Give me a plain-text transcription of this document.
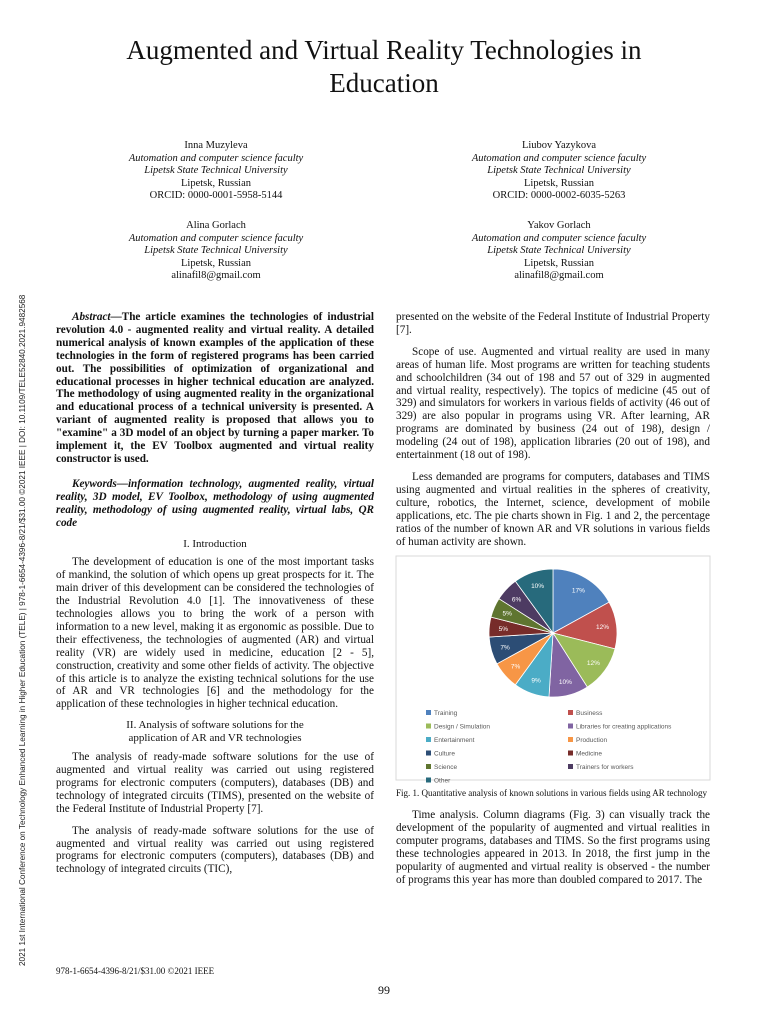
2021 1st International Conference on Technology Enhanced Learning in Higher Education (TELE) | 978-1-6654-4396-8/21/$31.00 ©2021 IEEE | DOI: 10.1109/TELE52840.2021.9482568
Augmented and Virtual Reality Technologies in
Education
Inna Muzyleva
Automation and computer science faculty
Lipetsk State Technical University
Lipetsk, Russian
ORCID: 0000-0001-5958-5144
Liubov Yazykova
Automation and computer science faculty
Lipetsk State Technical University
Lipetsk, Russian
ORCID: 0000-0002-6035-5263
Alina Gorlach
Automation and computer science faculty
Lipetsk State Technical University
Lipetsk, Russian
alinafil8@gmail.com
Yakov Gorlach
Automation and computer science faculty
Lipetsk State Technical University
Lipetsk, Russian
alinafil8@gmail.com

Abstract—The article examines the technologies of industrial revolution 4.0 - augmented reality and virtual reality. A detailed numerical analysis of known examples of the application of these technologies in the form of registered programs has been carried out. The possibilities of optimization of organizational and educational processes in higher technical education are analyzed. The methodology of using augmented reality in the organizational and educational process of a technical university is presented. A variant of augmented reality is proposed that allows you to "examine" a 3D model of an object by turning a paper marker. To implement it, the EV Toolbox augmented and virtual reality constructor is used.

Keywords—information technology, augmented reality, virtual reality, 3D model, EV Toolbox, methodology of using augmented reality, methodology of using augmented reality, virtual labs, QR code

I. Introduction

The development of education is one of the most important tasks of mankind, the solution of which opens up great prospects for it. The main driver of this development can be considered the technologies of the Industrial Revolution 4.0 [1]. The innovativeness of these technologies allows you to bring the work of a person with information to a new level, making it as ergonomic as possible. Due to their effectiveness, the technologies of augmented (AR) and virtual reality (VR) are widely used in medicine, education [2 - 5], construction, creativity and some other fields of activity. The objective of this article is to analyze the existing technical solutions for the use of AR and VR technologies [6] and the methodology for the application of these technologies in higher technical education.

II. Analysis of software solutions for the
application of AR and VR technologies

The analysis of ready-made software solutions for the use of augmented and virtual reality was carried out using registered programs for electronic computers (computers), databases (DB) and technology of integrated circuits (TIMS), presented on the website of the Federal Institute of Industrial Property [7].

The analysis of ready-made software solutions for the use of augmented and virtual reality was carried out using registered programs for electronic computers (computers), databases (DB) and technology of integrated circuits (TIC),

presented on the website of the Federal Institute of Industrial Property [7].

Scope of use. Augmented and virtual reality are used in many areas of human life. Most programs are written for teaching students and schoolchildren (34 out of 198 and 57 out of 329 in augmented and virtual reality, respectively). The topics of medicine (45 out of 329) and simulators for workers in various fields of activity (46 out of 329) are also popular in programs using VR. After learning, AR programs are dominated by business (24 out of 198), design / modeling (24 out of 198), application libraries (20 out of 198), and entertainment (18 out of 198).

Less demanded are programs for computers, databases and TIMS using augmented and virtual realities in the spheres of creativity, culture, robotics, the Internet, science, development of mobile applications, etc. The pie charts shown in Fig. 1 and 2, the percentage ratios of the number of known AR and VR solutions in various fields of human activity are shown.

17%
12%
12%
10%
9%
7%
7%
5%
5%
6%
10%
Training	Business
Design / Simulation	Libraries for creating applications
Entertainment	Production
Culture	Medicine
Science	Trainers for workers
Other

Fig. 1. Quantitative analysis of known solutions in various fields using AR technology

Time analysis. Column diagrams (Fig. 3) can visually track the development of the popularity of augmented and virtual realities in computer programs, databases and TIMS. So the first programs using these technologies appeared in 2013. In 2018, the first jump in the popularity of augmented and virtual reality is observed - the number of programs this year has more than doubled compared to 2017. The

978-1-6654-4396-8/21/$31.00 ©2021 IEEE
99
